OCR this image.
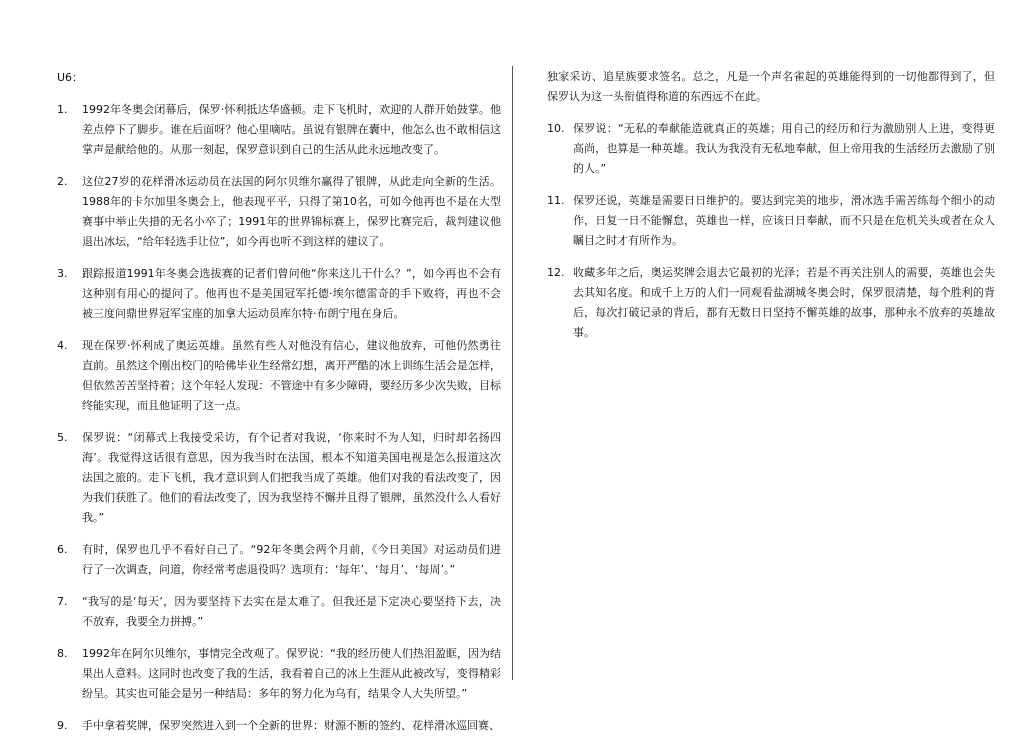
U6：
1.	1992年冬奥会闭幕后，保罗·怀利抵达华盛顿。走下飞机时，欢迎的人群开始鼓掌。他差点停下了脚步。谁在后面呀？他心里嘀咕。虽说有银牌在囊中，他怎么也不敢相信这掌声是献给他的。从那一刻起，保罗意识到自己的生活从此永远地改变了。
2.	这位27岁的花样滑冰运动员在法国的阿尔贝维尔赢得了银牌，从此走向全新的生活。1988年的卡尔加里冬奥会上，他表现平平，只得了第10名，可如今他再也不是在大型赛事中举止失措的无名小卒了；1991年的世界锦标赛上，保罗比赛完后，裁判建议他退出冰坛，“给年轻选手让位”，如今再也听不到这样的建议了。
3.	跟踪报道1991年冬奥会选拔赛的记者们曾问他“你来这儿干什么？”，如今再也不会有这种别有用心的提问了。他再也不是美国冠军托德·埃尔德雷奇的手下败将，再也不会被三度问鼎世界冠军宝座的加拿大运动员库尔特·布朗宁甩在身后。
4.	现在保罗·怀利成了奥运英雄。虽然有些人对他没有信心，建议他放弃，可他仍然勇往直前。虽然这个刚出校门的哈佛毕业生经常幻想，离开严酷的冰上训练生活会是怎样，但依然苦苦坚持着；这个年轻人发现：不管途中有多少障碍，要经历多少次失败，目标终能实现，而且他证明了这一点。
5.	保罗说：“闭幕式上我接受采访，有个记者对我说，‘你来时不为人知，归时却名扬四海’。我觉得这话很有意思，因为我当时在法国，根本不知道美国电视是怎么报道这次法国之旅的。走下飞机，我才意识到人们把我当成了英雄。他们对我的看法改变了，因为我们获胜了。他们的看法改变了，因为我坚持不懈并且得了银牌，虽然没什么人看好我。”
6.	有时，保罗也几乎不看好自己了。“92年冬奥会两个月前，《今日美国》对运动员们进行了一次调查，问道，你经常考虑退役吗？选项有：‘每年’、‘每月’、‘每周’。”
7.	“我写的是‘每天’，因为要坚持下去实在是太难了。但我还是下定决心要坚持下去，决不放弃，我要全力拼搏。”
8.	1992年在阿尔贝维尔，事情完全改观了。保罗说：“我的经历使人们热泪盈眶，因为结果出人意料。这同时也改变了我的生活，我看着自己的冰上生涯从此被改写，变得精彩纷呈。其实也可能会是另一种结局：多年的努力化为乌有，结果令人大失所望。”
9.	手中拿着奖牌，保罗突然进入到一个全新的世界：财源不断的签约、花样滑冰巡回赛、
独家采访、追星族要求签名。总之，凡是一个声名雀起的英雄能得到的一切他都得到了，但保罗认为这一头衔值得称道的东西远不在此。
10. 保罗说：“无私的奉献能造就真正的英雄；用自己的经历和行为激励别人上进，变得更高尚，也算是一种英雄。我认为我没有无私地奉献，但上帝用我的生活经历去激励了别的人。”
11. 保罗还说，英雄是需要日日维护的。要达到完美的地步，滑冰选手需苦练每个细小的动作，日复一日不能懈怠，英雄也一样，应该日日奉献，而不只是在危机关头或者在众人瞩目之时才有所作为。
12. 收藏多年之后，奥运奖牌会退去它最初的光泽；若是不再关注别人的需要，英雄也会失去其知名度。和成千上万的人们一同观看盐湖城冬奥会时，保罗很清楚，每个胜利的背后，每次打破记录的背后，都有无数日日坚持不懈英雄的故事，那种永不放弃的英雄故事。
